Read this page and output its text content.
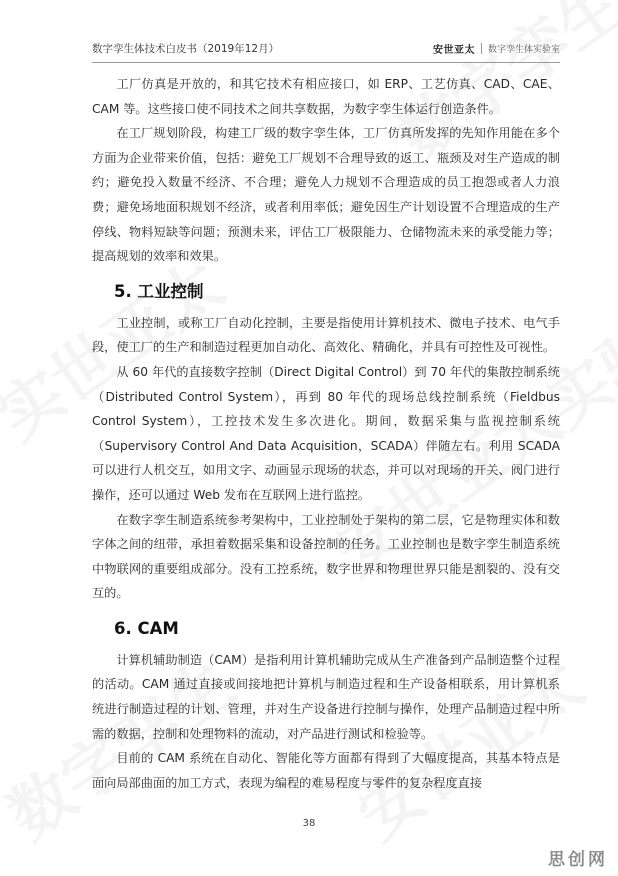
数字孪生体技术白皮书（2019年12月）	安世亚太 数字孪生体实验室

工厂仿真是开放的，和其它技术有相应接口，如 ERP、工艺仿真、CAD、CAE、CAM 等。这些接口使不同技术之间共享数据，为数字孪生体运行创造条件。

在工厂规划阶段，构建工厂级的数字孪生体，工厂仿真所发挥的先知作用能在多个方面为企业带来价值，包括：避免工厂规划不合理导致的返工、瓶颈及对生产造成的制约；避免投入数量不经济、不合理；避免人力规划不合理造成的员工抱怨或者人力浪费；避免场地面积规划不经济，或者利用率低；避免因生产计划设置不合理造成的生产停线、物料短缺等问题；预测未来，评估工厂极限能力、仓储物流未来的承受能力等；提高规划的效率和效果。

5. 工业控制

工业控制，或称工厂自动化控制，主要是指使用计算机技术、微电子技术、电气手段，使工厂的生产和制造过程更加自动化、高效化、精确化，并具有可控性及可视性。

从 60 年代的直接数字控制（Direct Digital Control）到 70 年代的集散控制系统（Distributed Control System），再到 80 年代的现场总线控制系统（Fieldbus Control System），工控技术发生多次进化。期间，数据采集与监视控制系统（Supervisory Control And Data Acquisition，SCADA）伴随左右。利用 SCADA 可以进行人机交互，如用文字、动画显示现场的状态，并可以对现场的开关、阀门进行操作，还可以通过 Web 发布在互联网上进行监控。

在数字孪生制造系统参考架构中，工业控制处于架构的第二层，它是物理实体和数字体之间的纽带，承担着数据采集和设备控制的任务。工业控制也是数字孪生制造系统中物联网的重要组成部分。没有工控系统，数字世界和物理世界只能是割裂的、没有交互的。

6. CAM

计算机辅助制造（CAM）是指利用计算机辅助完成从生产准备到产品制造整个过程的活动。CAM 通过直接或间接地把计算机与制造过程和生产设备相联系，用计算机系统进行制造过程的计划、管理，并对生产设备进行控制与操作，处理产品制造过程中所需的数据，控制和处理物料的流动，对产品进行测试和检验等。

目前的 CAM 系统在自动化、智能化等方面都有得到了大幅度提高，其基本特点是面向局部曲面的加工方式，表现为编程的难易程度与零件的复杂程度直接

38
思创网
